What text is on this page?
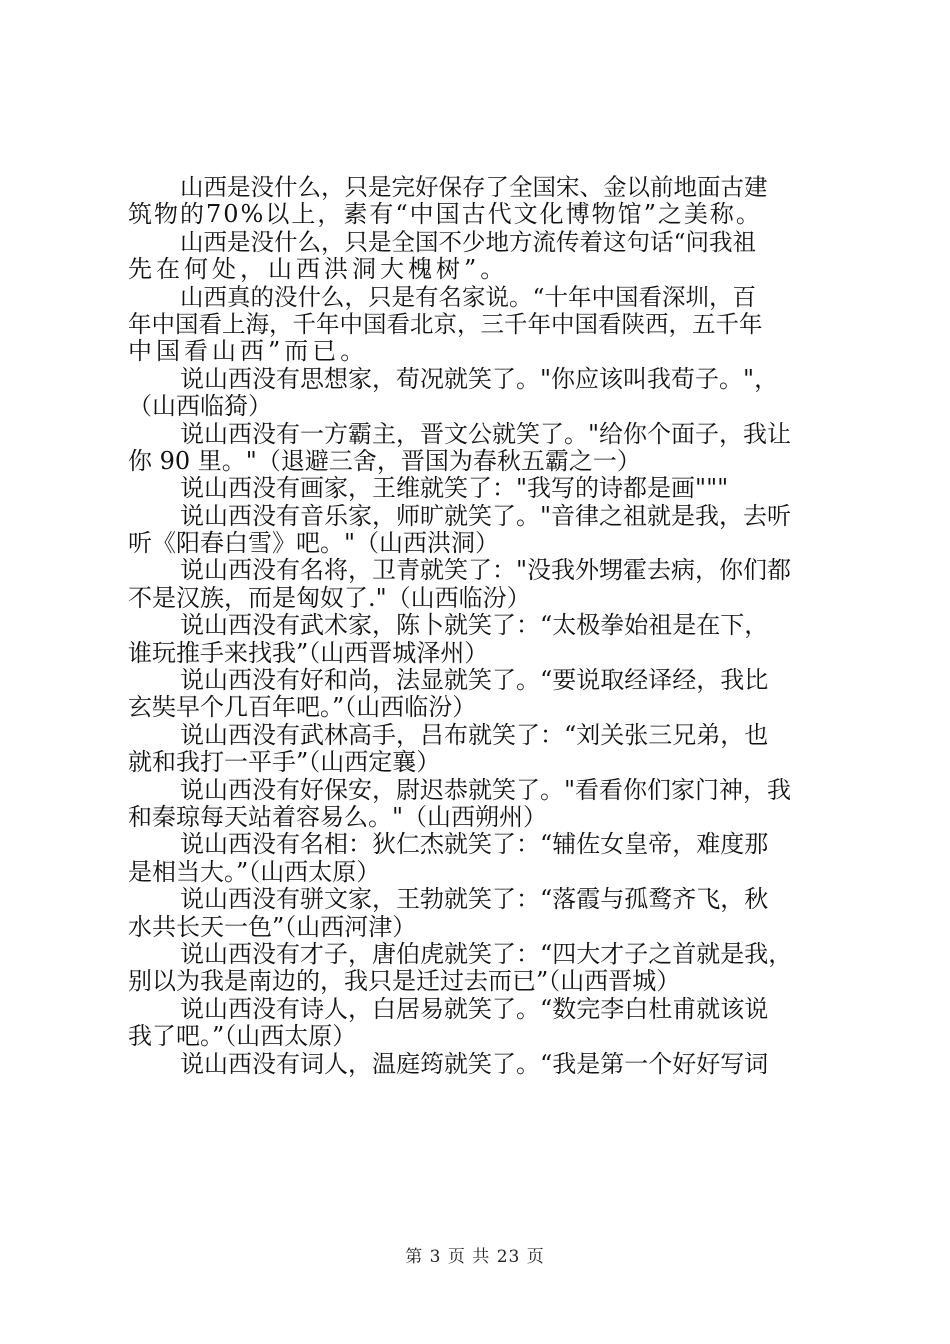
山西是没什么，只是完好保存了全国宋、金以前地面古建
筑物的70%以上，素有“中国古代文化博物馆”之美称。
山西是没什么，只是全国不少地方流传着这句话“问我祖
先在何处，山西洪洞大槐树”。
山西真的没什么，只是有名家说。“十年中国看深圳，百
年中国看上海，千年中国看北京，三千年中国看陕西，五千年
中国看山西”而已。
说山西没有思想家，荀况就笑了。"你应该叫我荀子。"，
（山西临猗）
说山西没有一方霸主，晋文公就笑了。"给你个面子，我让
你 90 里。"（退避三舍，晋国为春秋五霸之一）
说山西没有画家，王维就笑了："我写的诗都是画"""
说山西没有音乐家，师旷就笑了。"音律之祖就是我，去听
听《阳春白雪》吧。"（山西洪洞）
说山西没有名将，卫青就笑了："没我外甥霍去病，你们都
不是汉族，而是匈奴了."（山西临汾）
说山西没有武术家，陈卜就笑了：“太极拳始祖是在下，
谁玩推手来找我”（山西晋城泽州）
说山西没有好和尚，法显就笑了。“要说取经译经，我比
玄奘早个几百年吧。”（山西临汾）
说山西没有武林高手，吕布就笑了：“刘关张三兄弟，也
就和我打一平手”（山西定襄）
说山西没有好保安，尉迟恭就笑了。"看看你们家门神，我
和秦琼每天站着容易么。"（山西朔州）
说山西没有名相：狄仁杰就笑了：“辅佐女皇帝，难度那
是相当大。”（山西太原）
说山西没有骈文家，王勃就笑了：“落霞与孤鹜齐飞，秋
水共长天一色”（山西河津）
说山西没有才子，唐伯虎就笑了：“四大才子之首就是我，
别以为我是南边的，我只是迁过去而已”（山西晋城）
说山西没有诗人，白居易就笑了。“数完李白杜甫就该说
我了吧。”（山西太原）
说山西没有词人，温庭筠就笑了。“我是第一个好好写词
第 3 页 共 23 页
